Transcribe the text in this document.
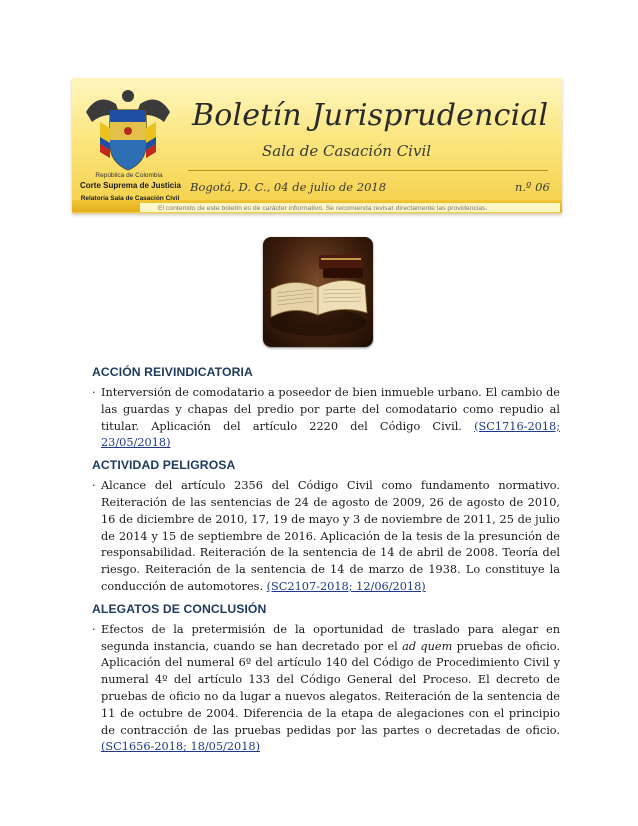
República de Colombia
Corte Suprema de Justicia
Relatoría Sala de Casación Civil
Boletín Jurisprudencial
Sala de Casación Civil
Bogotá, D. C., 04 de julio de 2018	n.º 06
El contenido de este boletín es de carácter informativo. Se recomienda revisar directamente las providencias.
ACCIÓN REIVINDICATORIA
· Interversión de comodatario a poseedor de bien inmueble urbano. El cambio de las guardas y chapas del predio por parte del comodatario como repudio al titular. Aplicación del artículo 2220 del Código Civil. (SC1716-2018; 23/05/2018)
ACTIVIDAD PELIGROSA
· Alcance del artículo 2356 del Código Civil como fundamento normativo. Reiteración de las sentencias de 24 de agosto de 2009, 26 de agosto de 2010, 16 de diciembre de 2010, 17, 19 de mayo y 3 de noviembre de 2011, 25 de julio de 2014 y 15 de septiembre de 2016. Aplicación de la tesis de la presunción de responsabilidad. Reiteración de la sentencia de 14 de abril de 2008. Teoría del riesgo. Reiteración de la sentencia de 14 de marzo de 1938. Lo constituye la conducción de automotores. (SC2107-2018; 12/06/2018)
ALEGATOS DE CONCLUSIÓN
· Efectos de la pretermisión de la oportunidad de traslado para alegar en segunda instancia, cuando se han decretado por el ad quem pruebas de oficio. Aplicación del numeral 6º del artículo 140 del Código de Procedimiento Civil y numeral 4º del artículo 133 del Código General del Proceso. El decreto de pruebas de oficio no da lugar a nuevos alegatos. Reiteración de la sentencia de 11 de octubre de 2004. Diferencia de la etapa de alegaciones con el principio de contracción de las pruebas pedidas por las partes o decretadas de oficio. (SC1656-2018; 18/05/2018)
